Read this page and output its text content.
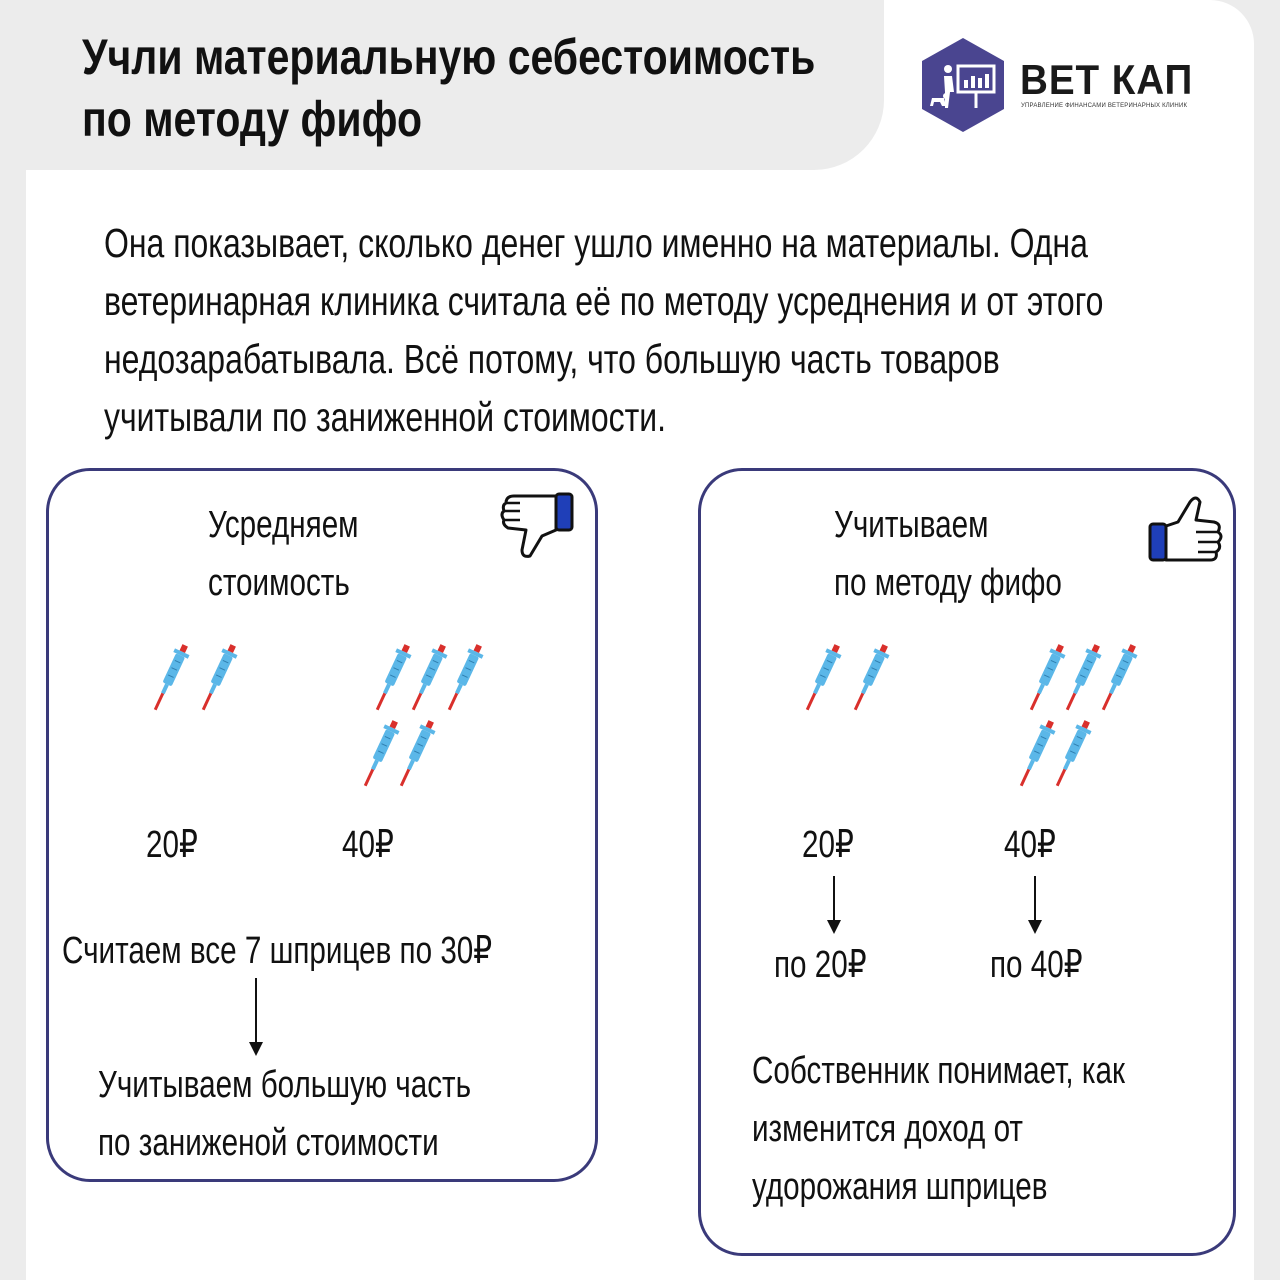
Учли материальную себестоимость
по методу фифо
ВЕТ КАП
УПРАВЛЕНИЕ ФИНАНСАМИ ВЕТЕРИНАРНЫХ КЛИНИК
Она показывает, сколько денег ушло именно на материалы. Одна
ветеринарная клиника считала её по методу усреднения и от этого
недозарабатывала. Всё потому, что большую часть товаров
учитывали по заниженной стоимости.
Усредняем
стоимость
20₽	40₽
Считаем все 7 шприцев по 30₽
Учитываем большую часть
по заниженой стоимости
Учитываем
по методу фифо
20₽	40₽
по 20₽	по 40₽
Собственник понимает, как
изменится доход от
удорожания шприцев
